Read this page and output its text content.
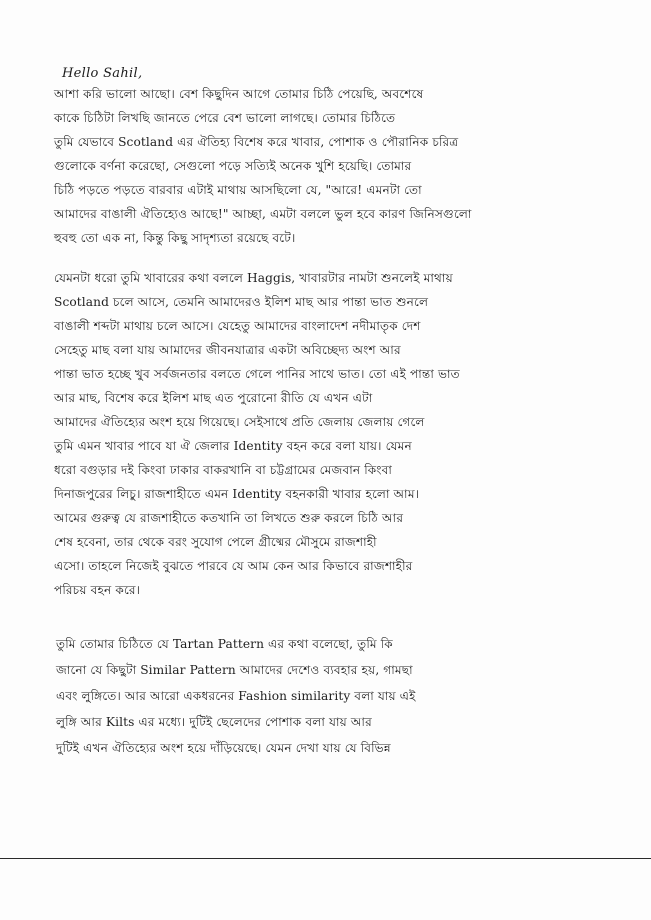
Hello Sahil,
আশা করি ভালো আছো। বেশ কিছুদিন আগে তোমার চিঠি পেয়েছি, অবশেষে
কাকে চিঠিটা লিখছি জানতে পেরে বেশ ভালো লাগছে। তোমার চিঠিতে
তুমি যেভাবে Scotland এর ঐতিহ্য বিশেষ করে খাবার, পোশাক ও পৌরানিক চরিত্র
গুলোকে বর্ণনা করেছো, সেগুলো পড়ে সত্যিই অনেক খুশি হয়েছি। তোমার
চিঠি পড়তে পড়তে বারবার এটাই মাথায় আসছিলো যে, "আরে! এমনটা তো
আমাদের বাঙালী ঐতিহ্যেও আছে!" আচ্ছা, এমটা বললে ভুল হবে কারণ জিনিসগুলো
হুবহু তো এক না, কিন্তু কিছু সাদৃশ্যতা রয়েছে বটে।
যেমনটা ধরো তুমি খাবারের কথা বললে Haggis, খাবারটার নামটা শুনলেই মাথায়
Scotland চলে আসে, তেমনি আমাদেরও ইলিশ মাছ আর পান্তা ভাত শুনলে
বাঙালী শব্দটা মাথায় চলে আসে। যেহেতু আমাদের বাংলাদেশ নদীমাতৃক দেশ
সেহেতু মাছ বলা যায় আমাদের জীবনযাত্রার একটা অবিচ্ছেদ্য অংশ আর
পান্তা ভাত হচ্ছে খুব সর্বজনতার বলতে গেলে পানির সাথে ভাত। তো এই পান্তা ভাত
আর মাছ, বিশেষ করে ইলিশ মাছ এত পুরোনো রীতি যে এখন এটা
আমাদের ঐতিহ্যের অংশ হয়ে গিয়েছে। সেইসাথে প্রতি জেলায় জেলায় গেলে
তুমি এমন খাবার পাবে যা ঐ জেলার Identity বহন করে বলা যায়। যেমন
ধরো বগুড়ার দই কিংবা ঢাকার বাকরখানি বা চট্টগ্রামের মেজবান কিংবা
দিনাজপুরের লিচু। রাজশাহীতে এমন Identity বহনকারী খাবার হলো আম।
আমের গুরুত্ব যে রাজশাহীতে কতখানি তা লিখতে শুরু করলে চিঠি আর
শেষ হবেনা, তার থেকে বরং সুযোগ পেলে গ্রীষ্মের মৌসুমে রাজশাহী
এসো। তাহলে নিজেই বুঝতে পারবে যে আম কেন আর কিভাবে রাজশাহীর
পরিচয় বহন করে।
তুমি তোমার চিঠিতে যে Tartan Pattern এর কথা বলেছো, তুমি কি
জানো যে কিছুটা Similar Pattern আমাদের দেশেও ব্যবহার হয়, গামছা
এবং লুঙ্গিতে। আর আরো একধরনের Fashion similarity বলা যায় এই
লুঙ্গি আর Kilts এর মধ্যে। দুটিই ছেলেদের পোশাক বলা যায় আর
দুটিই এখন ঐতিহ্যের অংশ হয়ে দাঁড়িয়েছে। যেমন দেখা যায় যে বিভিন্ন
